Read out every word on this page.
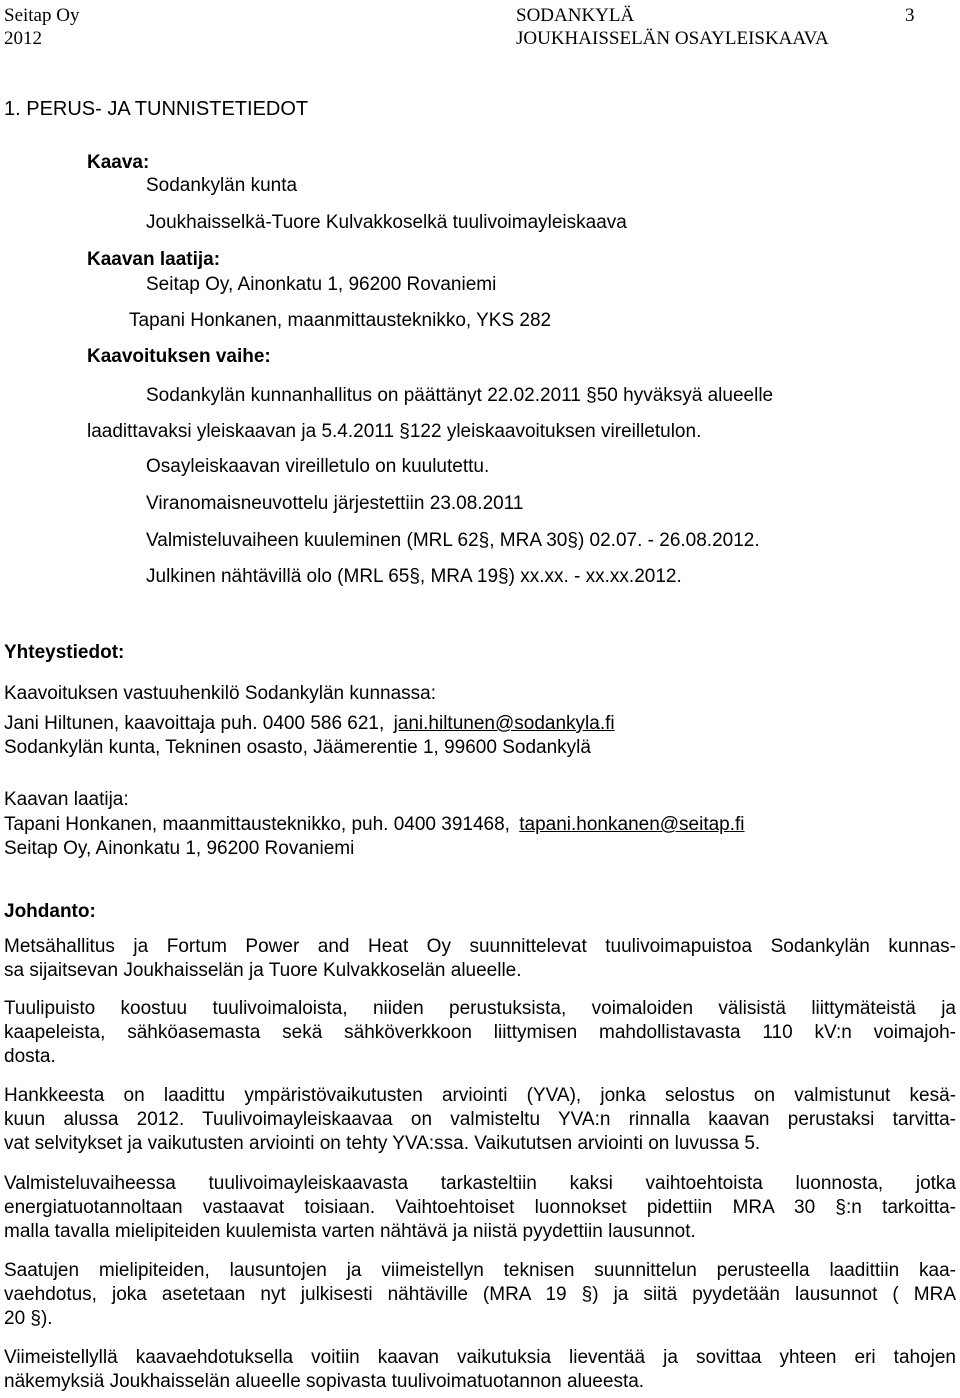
Seitap Oy
2012
SODANKYLÄ
JOUKHAISSELÄN OSAYLEISKAAVA
3
1. PERUS- JA TUNNISTETIEDOT
Kaava:
Sodankylän kunta
Joukhaisselkä-Tuore Kulvakkoselkä tuulivoimayleiskaava
Kaavan laatija:
Seitap Oy, Ainonkatu 1, 96200 Rovaniemi
Tapani Honkanen, maanmittausteknikko, YKS 282
Kaavoituksen vaihe:
Sodankylän kunnanhallitus on päättänyt 22.02.2011 §50 hyväksyä alueelle
laadittavaksi yleiskaavan ja 5.4.2011 §122 yleiskaavoituksen vireilletulon.
Osayleiskaavan vireilletulo on kuulutettu.
Viranomaisneuvottelu järjestettiin 23.08.2011
Valmisteluvaiheen kuuleminen (MRL 62§, MRA 30§) 02.07. - 26.08.2012.
Julkinen nähtävillä olo (MRL 65§, MRA 19§) xx.xx. - xx.xx.2012.
Yhteystiedot:
Kaavoituksen vastuuhenkilö Sodankylän kunnassa:
Jani Hiltunen, kaavoittaja puh. 0400 586 621, jani.hiltunen@sodankyla.fi
Sodankylän kunta, Tekninen osasto, Jäämerentie 1, 99600 Sodankylä
Kaavan laatija:
Tapani Honkanen, maanmittausteknikko, puh. 0400 391468, tapani.honkanen@seitap.fi
Seitap Oy, Ainonkatu 1, 96200 Rovaniemi
Johdanto:
Metsähallitus ja Fortum Power and Heat Oy suunnittelevat tuulivoimapuistoa Sodankylän kunnas-
sa sijaitsevan Joukhaisselän ja Tuore Kulvakkoselän alueelle.
Tuulipuisto koostuu tuulivoimaloista, niiden perustuksista, voimaloiden välisistä liittymäteistä ja
kaapeleista, sähköasemasta sekä sähköverkkoon liittymisen mahdollistavasta 110 kV:n voimajoh-
dosta.
Hankkeesta on laadittu ympäristövaikutusten arviointi (YVA), jonka selostus on valmistunut kesä-
kuun alussa 2012. Tuulivoimayleiskaavaa on valmisteltu YVA:n rinnalla kaavan perustaksi tarvitta-
vat selvitykset ja vaikutusten arviointi on tehty YVA:ssa. Vaikututsen arviointi on luvussa 5.
Valmisteluvaiheessa tuulivoimayleiskaavasta tarkasteltiin kaksi vaihtoehtoista luonnosta, jotka
energiatuotannoltaan vastaavat toisiaan. Vaihtoehtoiset luonnokset pidettiin MRA 30 §:n tarkoitta-
malla tavalla mielipiteiden kuulemista varten nähtävä ja niistä pyydettiin lausunnot.
Saatujen mielipiteiden, lausuntojen ja viimeistellyn teknisen suunnittelun perusteella laadittiin kaa-
vaehdotus, joka asetetaan nyt julkisesti nähtäville (MRA 19 §) ja siitä pyydetään lausunnot ( MRA
20 §).
Viimeistellyllä kaavaehdotuksella voitiin kaavan vaikutuksia lieventää ja sovittaa yhteen eri tahojen
näkemyksiä Joukhaisselän alueelle sopivasta tuulivoimatuotannon alueesta.
